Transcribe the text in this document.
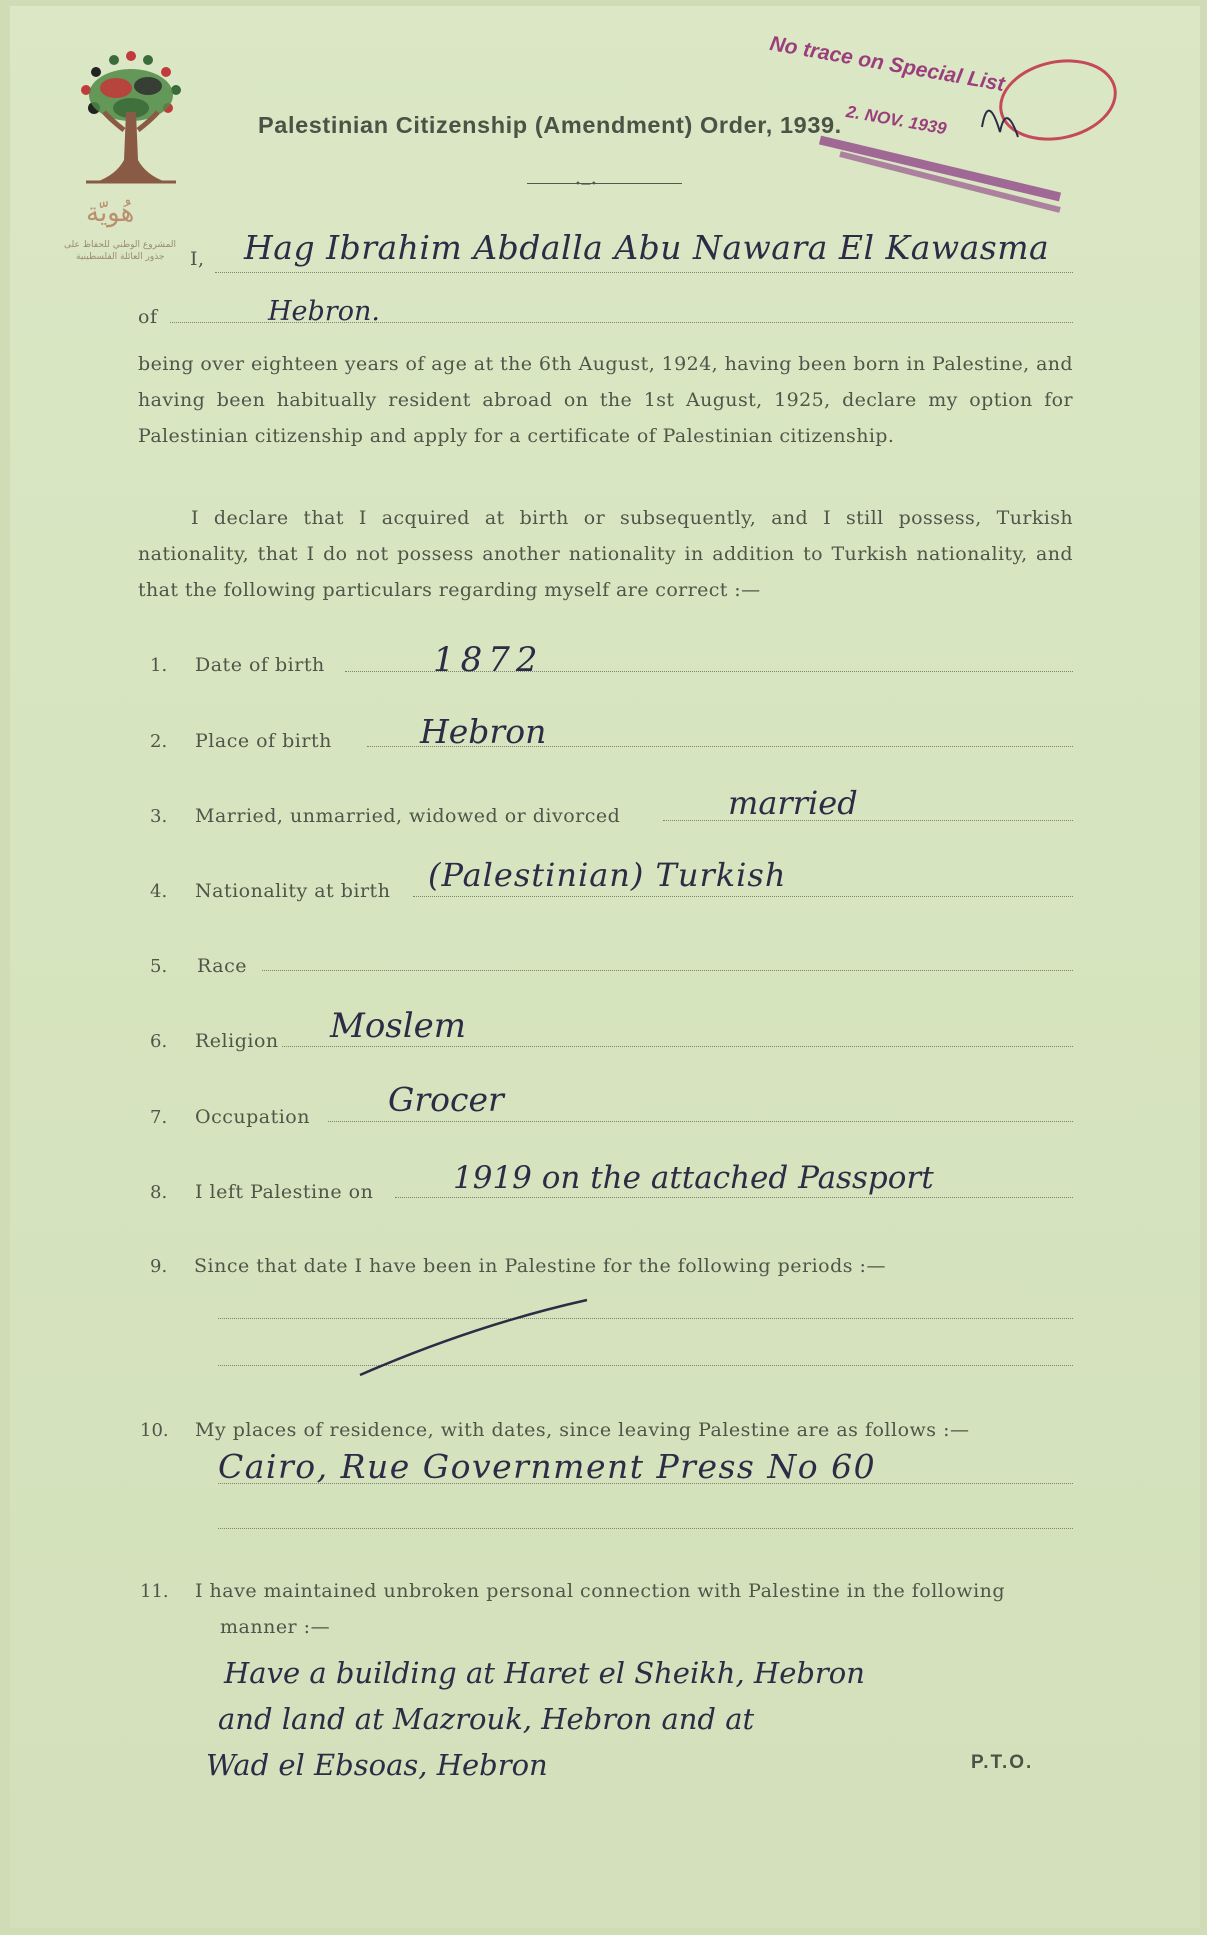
هُويّة
المشروع الوطني للحفاظ على
جذور العائلة الفلسطينية
Palestinian Citizenship (Amendment) Order, 1939.
•—•
No trace on Special List
2. NOV. 1939
I, Hag Ibrahim Abdalla Abu Nawara El Kawasma
of	Hebron.
being over eighteen years of age at the 6th August, 1924, having been born in Palestine, and having been habitually resident abroad on the 1st August, 1925, declare my option for Palestinian citizenship and apply for a certificate of Palestinian citizenship.
I declare that I acquired at birth or subsequently, and I still possess, Turkish nationality, that I do not possess another nationality in addition to Turkish nationality, and that the following particulars regarding myself are correct :—
1. Date of birth	1872
2. Place of birth	Hebron
3. Married, unmarried, widowed or divorced	married
4. Nationality at birth (Palestinian) Turkish
5. Race
6. Religion Moslem
7. Occupation Grocer
8. I left Palestine on	1919 on the attached Passport
9. Since that date I have been in Palestine for the following periods :—
10. My places of residence, with dates, since leaving Palestine are as follows :—
Cairo, Rue Government Press No 60
11. I have maintained unbroken personal connection with Palestine in the following
manner :—
Have a building at Haret el Sheikh, Hebron
and land at Mazrouk, Hebron and at
Wad el Ebsoas, Hebron	P.T.O.
